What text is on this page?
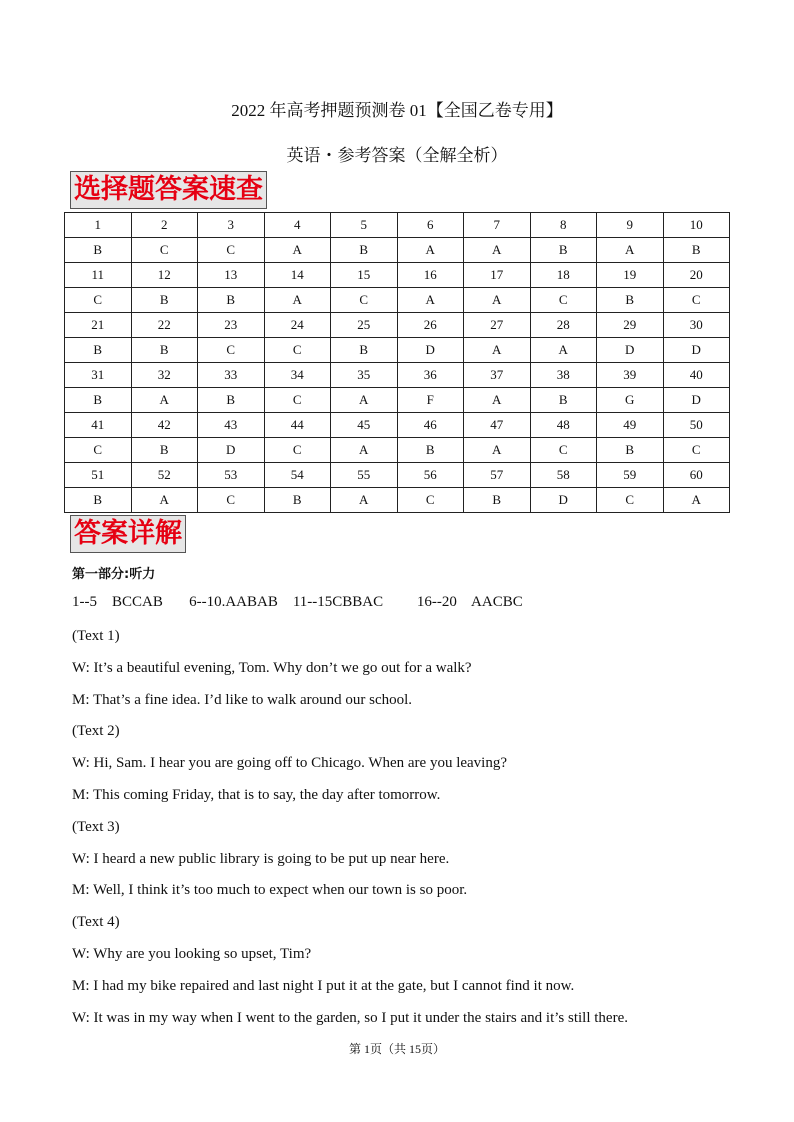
2022 年高考押题预测卷 01【全国乙卷专用】
英语・参考答案（全解全析）
选择题答案速查
1	2	3	4	5	6	7	8	9	10
B	C	C	A	B	A	A	B	A	B
11	12	13	14	15	16	17	18	19	20
C	B	B	A	C	A	A	C	B	C
21	22	23	24	25	26	27	28	29	30
B	B	C	C	B	D	A	A	D	D
31	32	33	34	35	36	37	38	39	40
B	A	B	C	A	F	A	B	G	D
41	42	43	44	45	46	47	48	49	50
C	B	D	C	A	B	A	C	B	C
51	52	53	54	55	56	57	58	59	60
B	A	C	B	A	C	B	D	C	A
答案详解
第一部分:听力
1--5    BCCAB       6--10.AABAB    11--15CBBAC         16--20    AACBC
(Text 1)
W: It’s a beautiful evening, Tom. Why don’t we go out for a walk?
M: That’s a fine idea. I’d like to walk around our school.
(Text 2)
W: Hi, Sam. I hear you are going off to Chicago. When are you leaving?
M: This coming Friday, that is to say, the day after tomorrow.
(Text 3)
W: I heard a new public library is going to be put up near here.
M: Well, I think it’s too much to expect when our town is so poor.
(Text 4)
W: Why are you looking so upset, Tim?
M: I had my bike repaired and last night I put it at the gate, but I cannot find it now.
W: It was in my way when I went to the garden, so I put it under the stairs and it’s still there.
第 1页（共 15页）
